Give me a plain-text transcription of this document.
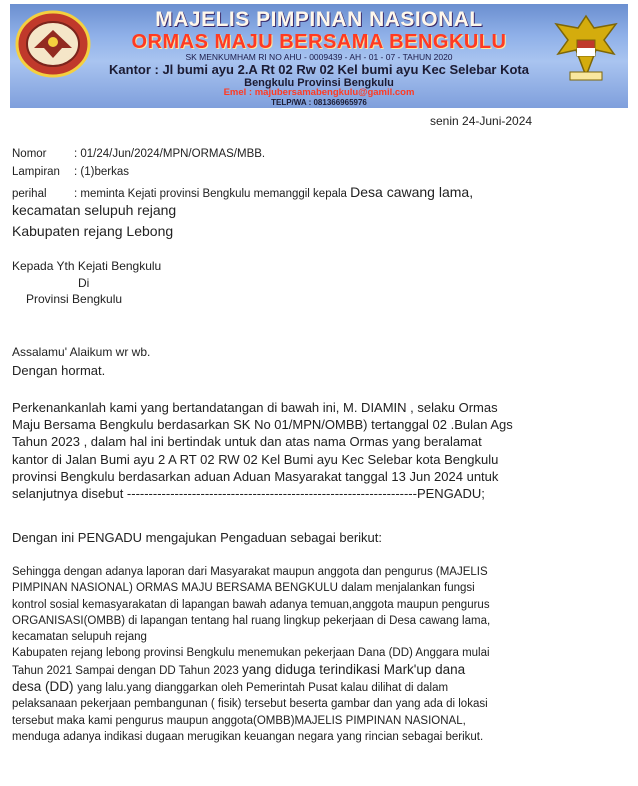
MAJELIS PIMPINAN NASIONAL
ORMAS MAJU BERSAMA BENGKULU
SK MENKUMHAM RI NO AHU - 0009439 - AH - 01 - 07 - TAHUN 2020
Kantor : Jl bumi ayu 2.A Rt 02 Rw 02 Kel bumi ayu Kec Selebar Kota
Bengkulu Provinsi Bengkulu
Emel : majubersamabengkulu@gamil.com
TELP/WA : 081366965976
senin 24-Juni-2024
Nomor : 01/24/Jun/2024/MPN/ORMAS/MBB.
Lampiran : (1)berkas
perihal : meminta Kejati provinsi Bengkulu memanggil kepala Desa cawang lama,
kecamatan selupuh rejang
Kabupaten rejang Lebong
Kepada Yth Kejati Bengkulu
Di
Provinsi Bengkulu
Assalamu' Alaikum wr wb.
Dengan hormat.
Perkenankanlah kami yang bertandatangan di bawah ini, M. DIAMIN , selaku Ormas
Maju Bersama Bengkulu berdasarkan SK No 01/MPN/OMBB) tertanggal 02 .Bulan Ags
Tahun 2023 , dalam hal ini bertindak untuk dan atas nama Ormas yang beralamat
kantor di Jalan Bumi ayu 2 A RT 02 RW 02 Kel Bumi ayu Kec Selebar kota Bengkulu
provinsi Bengkulu berdasarkan aduan Aduan Masyarakat tanggal 13 Jun 2024 untuk
selanjutnya disebut -------------------------------------------------------------------PENGADU;
Dengan ini PENGADU mengajukan Pengaduan sebagai berikut:
Sehingga dengan adanya laporan dari Masyarakat maupun anggota dan pengurus (MAJELIS
PIMPINAN NASIONAL) ORMAS MAJU BERSAMA BENGKULU dalam menjalankan fungsi
kontrol sosial kemasyarakatan di lapangan bawah adanya temuan,anggota maupun pengurus
ORGANISASI(OMBB) di lapangan tentang hal ruang lingkup pekerjaan di Desa cawang lama,
kecamatan selupuh rejang
Kabupaten rejang lebong provinsi Bengkulu menemukan pekerjaan Dana (DD) Anggara mulai
Tahun 2021 Sampai dengan DD Tahun 2023 yang diduga terindikasi Mark'up dana
desa (DD) yang lalu.yang dianggarkan oleh Pemerintah Pusat kalau dilihat di dalam
pelaksanaan pekerjaan pembangunan ( fisik) tersebut beserta gambar dan yang ada di lokasi
tersebut maka kami pengurus maupun anggota(OMBB)MAJELIS PIMPINAN NASIONAL,
menduga adanya indikasi dugaan merugikan keuangan negara yang rincian sebagai berikut.
